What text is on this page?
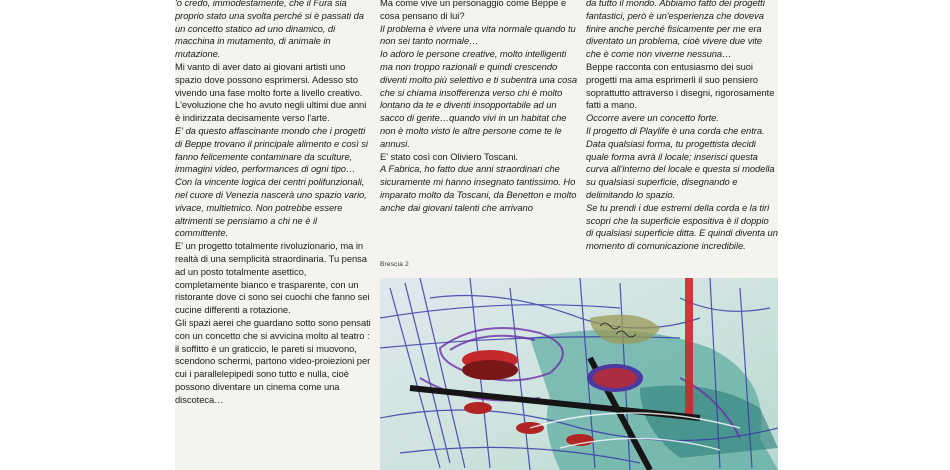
'o credo, immodestamente, che il Fura sia proprio stato una svolta perché si è passati da un concetto statico ad uno dinamico, di macchina in mutamento, di animale in mutazione.

Mi vanto di aver dato ai giovani artisti uno spazio dove possono esprimersi. Adesso sto vivendo una fase molto forte a livello creativo. L'evoluzione che ho avuto negli ultimi due anni è indirizzata decisamente verso l'arte.

E' da questo affascinante mondo che i progetti di Beppe trovano il principale alimento e così si fanno felicemente contaminare da sculture, immagini video, performances di ogni tipo…

Con la vincente logica dei centri polifunzionali, nel cuore di Venezia nascerà uno spazio vario, vivace, multietnico. Non potrebbe essere altrimenti se pensiamo a chi ne è il committente.

E' un progetto totalmente rivoluzionario, ma in realtà di una semplicità straordinaria. Tu pensa ad un posto totalmente asettico, completamente bianco e trasparente, con un ristorante dove ci sono sei cuochi che fanno sei cucine differenti a rotazione.

Gli spazi aerei che guardano sotto sono pensati con un concetto che si avvicina molto al teatro : il soffitto è un graticcio, le pareti si muovono, scendono schermi, partono video-proiezioni per cui i parallelepipedi sono tutto e nulla, cioè possono diventare un cinema come una discoteca…

Ma come vive un personaggio come Beppe e cosa pensano di lui?

Il problema è vivere una vita normale quando tu non sei tanto normale…

Io adoro le persone creative, molto intelligenti ma non troppo razionali e quindi crescendo diventi molto più selettivo e ti subentra una cosa che si chiama insofferenza verso chi è molto lontano da te e diventi insopportabile ad un sacco di gente…quando vivi in un habitat che non è molto visto le altre persone come te le annusi.

E' stato così con Oliviero Toscani.

A Fabrica, ho fatto due anni straordinari che sicuramente mi hanno insegnato tantissimo. Ho imparato molto da Toscani, da Benetton e molto anche dai giovani talenti che arrivano

da tutto il mondo. Abbiamo fatto dei progetti fantastici, però è un'esperienza che doveva finire anche perché fisicamente per me era diventato un problema, cioè vivere due vite che è come non viverne nessuna…

Beppe racconta con entusiasmo dei suoi progetti ma ama esprimerli il suo pensiero soprattutto attraverso i disegni, rigorosamente fatti a mano.

Occorre avere un concetto forte.

Il progetto di Playlife è una corda che entra.

Data qualsiasi forma, tu progettista decidi quale forma avrà il locale; inserisci questa curva all'interno del locale e questa si modella su qualsiasi superficie, disegnando e delimitando lo spazio.

Se tu prendi i due estremi della corda e la tiri scopri che la superficie espositiva è il doppio di qualsiasi superficie ditta. E quindi diventa un momento di comunicazione incredibile.

Brescia 2
